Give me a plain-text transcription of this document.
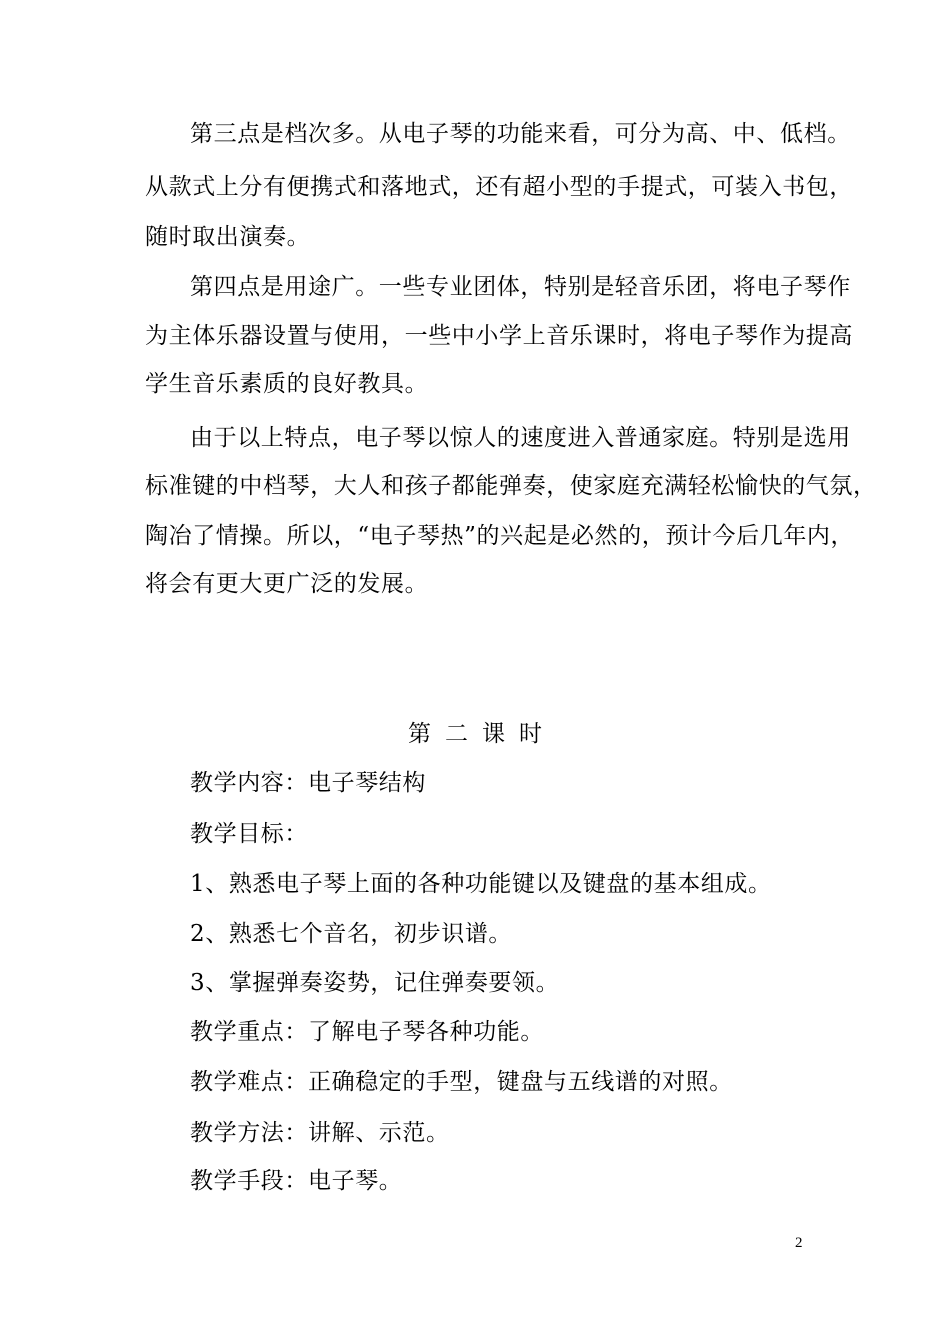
第三点是档次多。从电子琴的功能来看，可分为高、中、低档。
从款式上分有便携式和落地式，还有超小型的手提式，可装入书包，
随时取出演奏。
第四点是用途广。一些专业团体，特别是轻音乐团，将电子琴作
为主体乐器设置与使用，一些中小学上音乐课时，将电子琴作为提高
学生音乐素质的良好教具。
由于以上特点，电子琴以惊人的速度进入普通家庭。特别是选用
标准键的中档琴，大人和孩子都能弹奏，使家庭充满轻松愉快的气氛，
陶冶了情操。所以，“电子琴热”的兴起是必然的，预计今后几年内，
将会有更大更广泛的发展。
第二课时
教学内容：电子琴结构
教学目标：
1、熟悉电子琴上面的各种功能键以及键盘的基本组成。
2、熟悉七个音名，初步识谱。
3、掌握弹奏姿势，记住弹奏要领。
教学重点：了解电子琴各种功能。
教学难点：正确稳定的手型，键盘与五线谱的对照。
教学方法：讲解、示范。
教学手段：电子琴。
2
